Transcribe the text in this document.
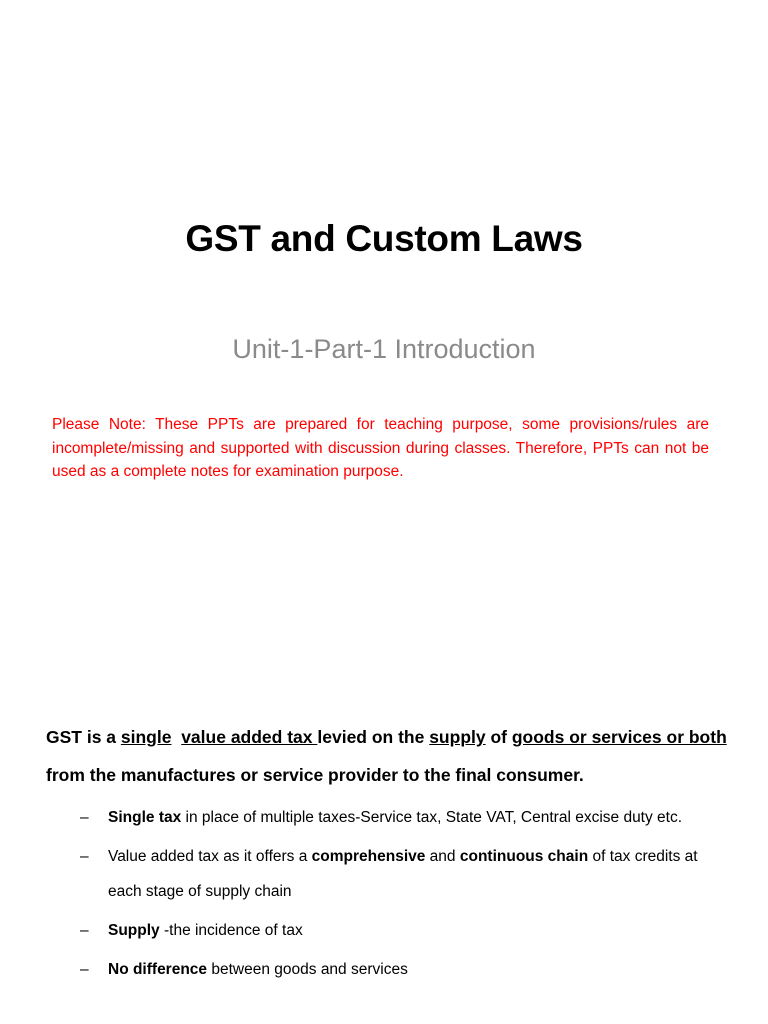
GST and Custom Laws
Unit-1-Part-1 Introduction
Please Note: These PPTs are prepared for teaching purpose, some provisions/rules are incomplete/missing and supported with discussion during classes. Therefore, PPTs can not be used as a complete notes for examination purpose.

GST is a single value added tax levied on the supply of goods or services or both from the manufactures or service provider to the final consumer.

– Single tax in place of multiple taxes-Service tax, State VAT, Central excise duty etc.
– Value added tax as it offers a comprehensive and continuous chain of tax credits at each stage of supply chain
– Supply -the incidence of tax
– No difference between goods and services
